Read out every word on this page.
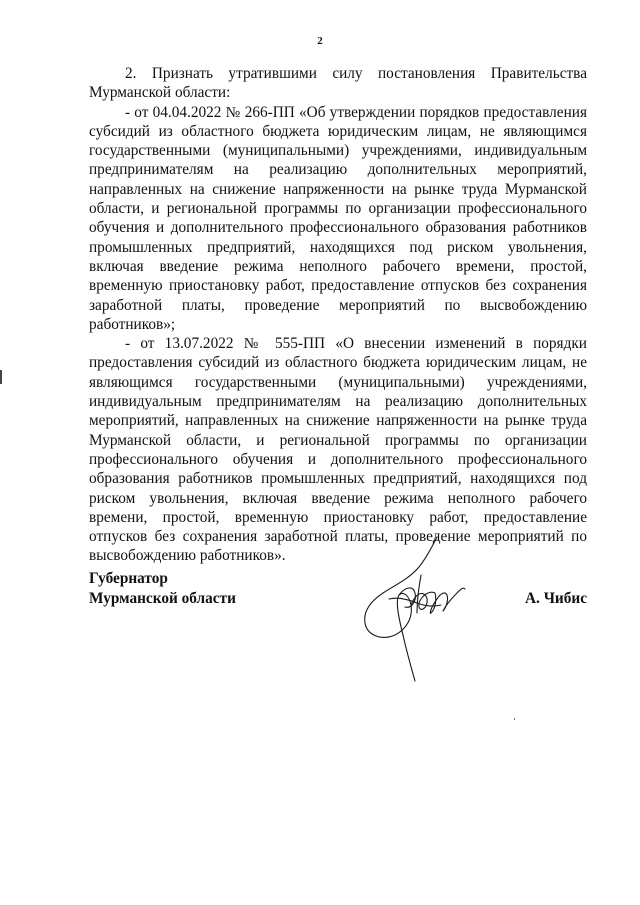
2

2. Признать утратившими силу постановления Правительства Мурманской области:

- от 04.04.2022 № 266-ПП «Об утверждении порядков предоставления субсидий из областного бюджета юридическим лицам, не являющимся государственными (муниципальными) учреждениями, индивидуальным предпринимателям на реализацию дополнительных мероприятий, направленных на снижение напряженности на рынке труда Мурманской области, и региональной программы по организации профессионального обучения и дополнительного профессионального образования работников промышленных предприятий, находящихся под риском увольнения, включая введение режима неполного рабочего времени, простой, временную приостановку работ, предоставление отпусков без сохранения заработной платы, проведение мероприятий по высвобождению работников»;

- от 13.07.2022 № 555-ПП «О внесении изменений в порядки предоставления субсидий из областного бюджета юридическим лицам, не являющимся государственными (муниципальными) учреждениями, индивидуальным предпринимателям на реализацию дополнительных мероприятий, направленных на снижение напряженности на рынке труда Мурманской области, и региональной программы по организации профессионального обучения и дополнительного профессионального образования работников промышленных предприятий, находящихся под риском увольнения, включая введение режима неполного рабочего времени, простой, временную приостановку работ, предоставление отпусков без сохранения заработной платы, проведение мероприятий по высвобождению работников».

Губернатор
Мурманской области	А. Чибис
